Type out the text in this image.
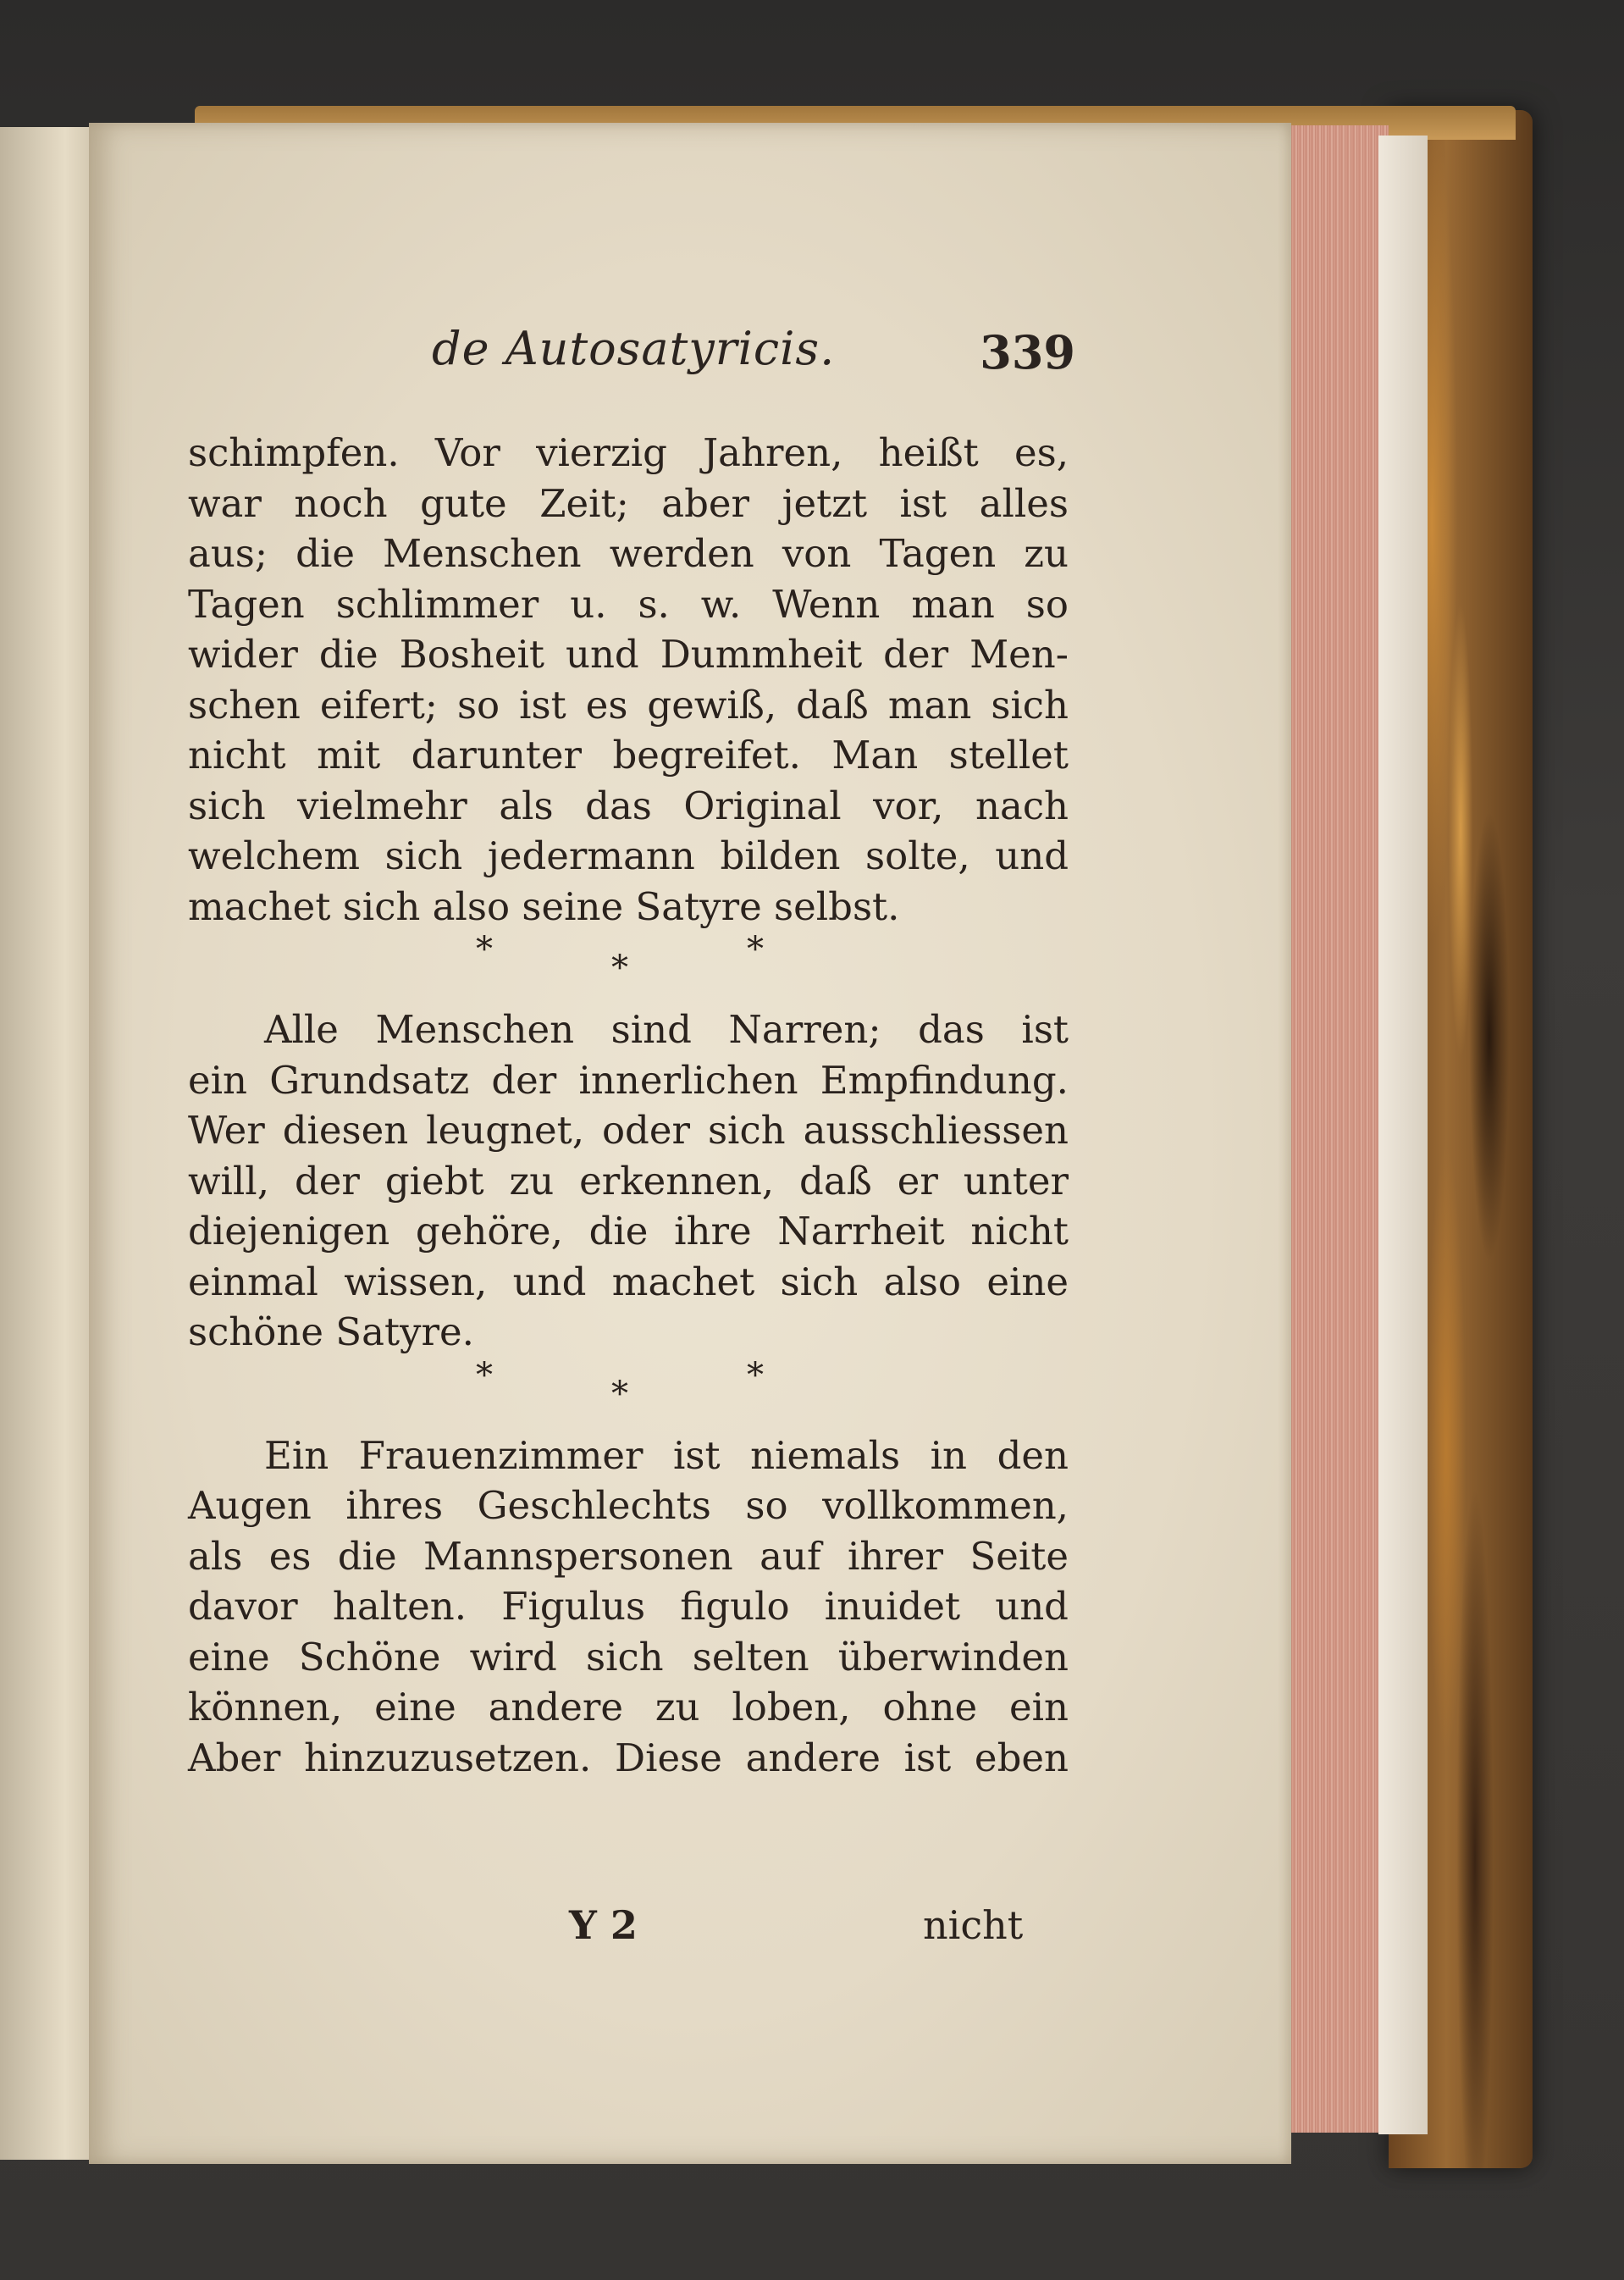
de Autosatyricis.	339
schimpfen. Vor vierzig Jahren, heißt es,
war noch gute Zeit; aber jetzt ist alles
aus; die Menschen werden von Tagen zu
Tagen schlimmer u. s. w. Wenn man so
wider die Bosheit und Dummheit der Men-
schen eifert; so ist es gewiß, daß man sich
nicht mit darunter begreifet. Man stellet
sich vielmehr als das Original vor, nach
welchem sich jedermann bilden solte, und
machet sich also seine Satyre selbst.
*	*	*
Alle Menschen sind Narren; das ist
ein Grundsatz der innerlichen Empfindung.
Wer diesen leugnet, oder sich ausschliessen
will, der giebt zu erkennen, daß er unter
diejenigen gehöre, die ihre Narrheit nicht
einmal wissen, und machet sich also eine
schöne Satyre.
*	*	*
Ein Frauenzimmer ist niemals in den
Augen ihres Geschlechts so vollkommen,
als es die Mannspersonen auf ihrer Seite
davor halten. Figulus figulo inuidet und
eine Schöne wird sich selten überwinden
können, eine andere zu loben, ohne ein
Aber hinzuzusetzen. Diese andere ist eben
Y 2	nicht
